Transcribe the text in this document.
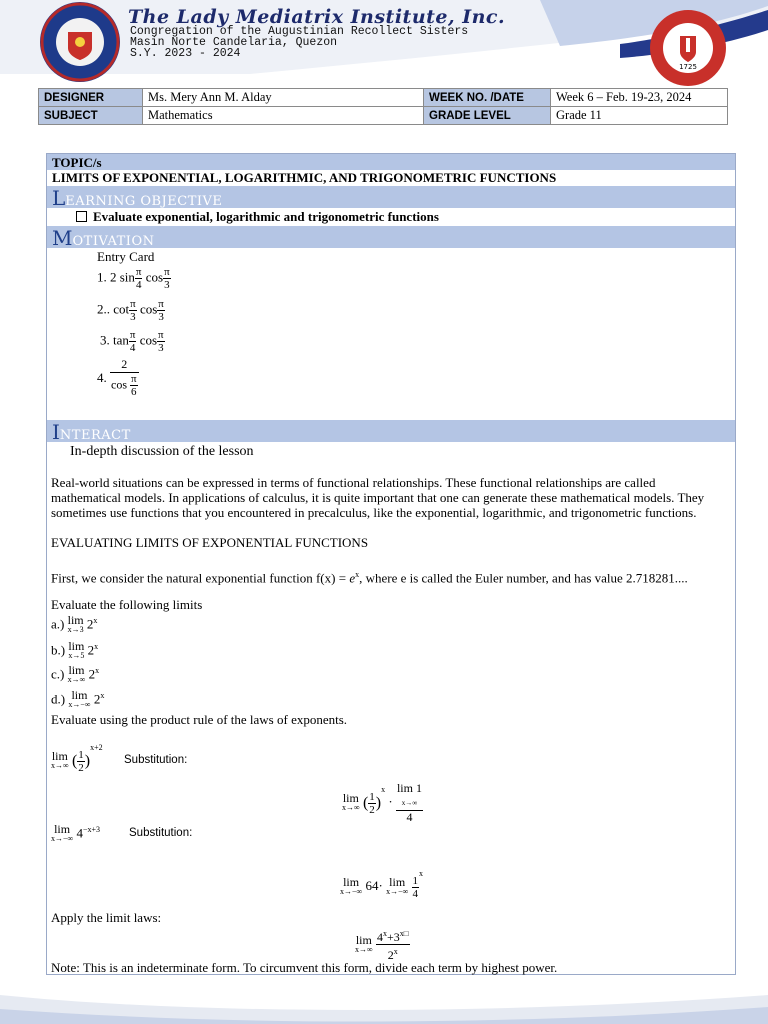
The Lady Mediatrix Institute, Inc.
Congregation of the Augustinian Recollect Sisters
Masin Norte Candelaria, Quezon
S.Y. 2023 - 2024
1725
DESIGNER	Ms. Mery Ann M. Alday	WEEK NO. /DATE	Week 6 – Feb. 19-23, 2024
SUBJECT	Mathematics	GRADE LEVEL	Grade 11
TOPIC/s
LIMITS OF EXPONENTIAL, LOGARITHMIC, AND TRIGONOMETRIC FUNCTIONS
LEARNING OBJECTIVE
Evaluate exponential, logarithmic and trigonometric functions
MOTIVATION
Entry Card
1. 2 $\sin \frac{\pi}{4}$ $\cos \frac{\pi}{3}$
2.. $\cot \frac{\pi}{3}$ $\cos \frac{\pi}{3}$
3. $\tan \frac{\pi}{4}$ $\cos \frac{\pi}{3}$
4. $\frac{2}{\cos \frac{\pi}{6}}$
INTERACT
In-depth discussion of the lesson
Real-world situations can be expressed in terms of functional relationships. These functional relationships are called mathematical models. In applications of calculus, it is quite important that one can generate these mathematical models. They sometimes use functions that you encountered in precalculus, like the exponential, logarithmic, and trigonometric functions.
EVALUATING LIMITS OF EXPONENTIAL FUNCTIONS
First, we consider the natural exponential function $f(x) = e^x$, where e is called the Euler number, and has value 2.718281....
Evaluate the following limits
a.) lim
x→3 2$^x$
b.) lim
x→5 2$^x$
c.) lim
x→∞ 2$^x$
d.) lim
x→−∞ 2$^x$
Evaluate using the product rule of the laws of exponents.
lim
x→∞ ( $\frac{1}{2} )^{x+2}$
Substitution:
lim
x→∞ ( $\frac{1}{2} )^x$ ·
lim 1
x→∞
4
lim
x→−∞ $4^{-x+3}$	Substitution:
lim
x→−∞ 64· lim
x→−∞
$\frac{1}{4}$
$^x$
Apply the limit laws:
lim
x→∞
$\frac{4^x+3^{x□}}{2^x}$
Note: This is an indeterminate form. To circumvent this form, divide each term by highest power.
